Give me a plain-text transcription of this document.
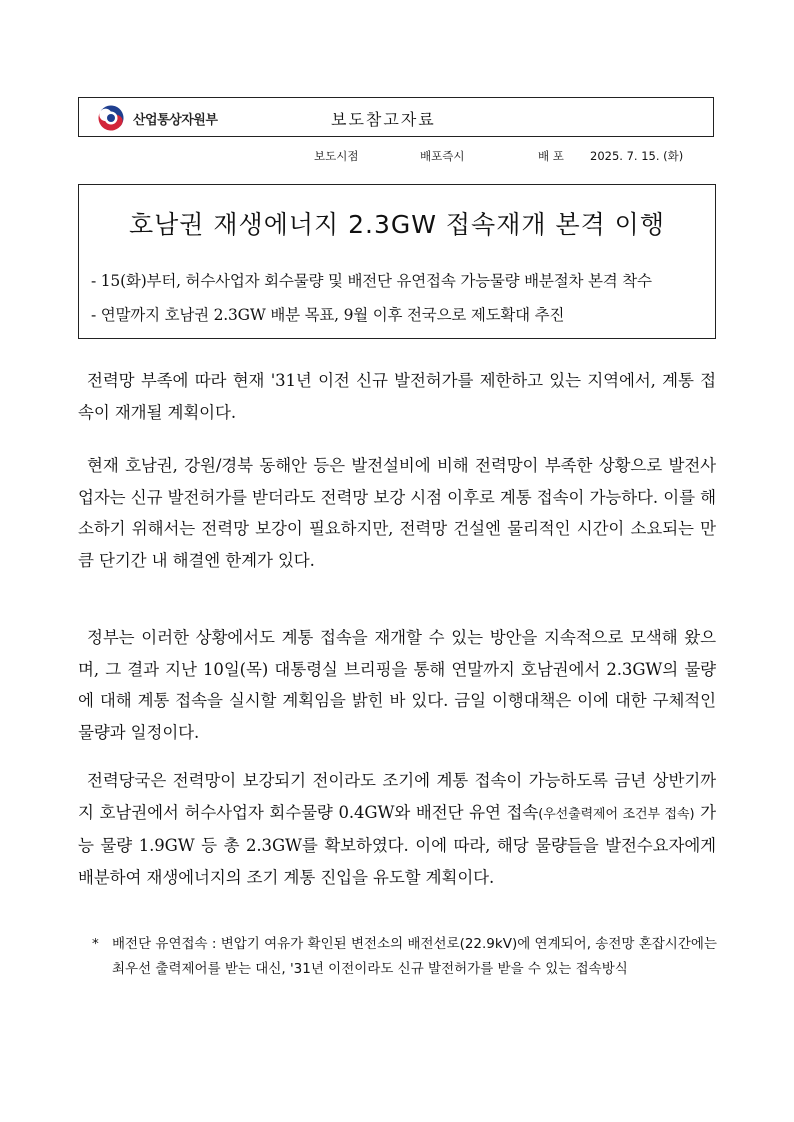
산업통상자원부	보도참고자료
보도시점	배포즉시	배 포 2025. 7. 15. (화)
호남권 재생에너지 2.3GW 접속재개 본격 이행
- 15(화)부터, 허수사업자 회수물량 및 배전단 유연접속 가능물량 배분절차 본격 착수
- 연말까지 호남권 2.3GW 배분 목표, 9월 이후 전국으로 제도확대 추진

전력망 부족에 따라 현재 '31년 이전 신규 발전허가를 제한하고 있는 지역에서, 계통 접속이 재개될 계획이다.

현재 호남권, 강원/경북 동해안 등은 발전설비에 비해 전력망이 부족한 상황으로 발전사업자는 신규 발전허가를 받더라도 전력망 보강 시점 이후로 계통 접속이 가능하다. 이를 해소하기 위해서는 전력망 보강이 필요하지만, 전력망 건설엔 물리적인 시간이 소요되는 만큼 단기간 내 해결엔 한계가 있다.

정부는 이러한 상황에서도 계통 접속을 재개할 수 있는 방안을 지속적으로 모색해 왔으며, 그 결과 지난 10일(목) 대통령실 브리핑을 통해 연말까지 호남권에서 2.3GW의 물량에 대해 계통 접속을 실시할 계획임을 밝힌 바 있다. 금일 이행대책은 이에 대한 구체적인 물량과 일정이다.

전력당국은 전력망이 보강되기 전이라도 조기에 계통 접속이 가능하도록 금년 상반기까지 호남권에서 허수사업자 회수물량 0.4GW와 배전단 유연 접속(우선출력제어 조건부 접속) 가능 물량 1.9GW 등 총 2.3GW를 확보하였다. 이에 따라, 해당 물량들을 발전수요자에게 배분하여 재생에너지의 조기 계통 진입을 유도할 계획이다.

* 배전단 유연접속 : 변압기 여유가 확인된 변전소의 배전선로(22.9kV)에 연계되어, 송전망 혼잡시간에는 최우선 출력제어를 받는 대신, '31년 이전이라도 신규 발전허가를 받을 수 있는 접속방식
